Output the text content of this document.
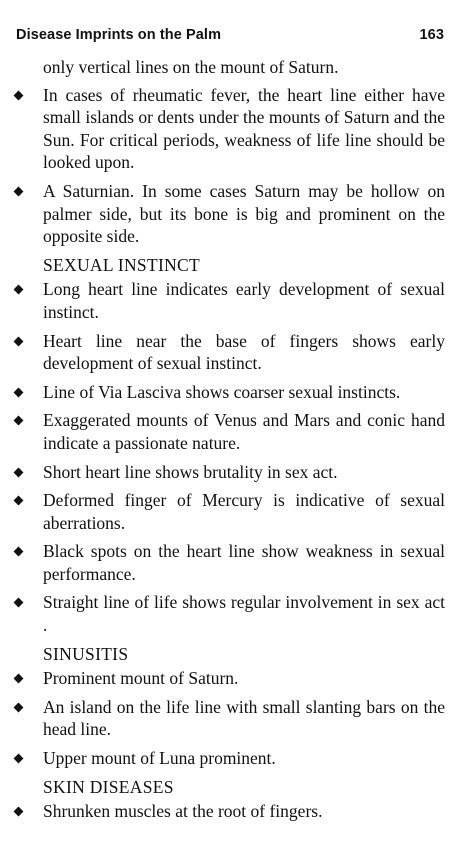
Disease Imprints on the Palm	163
only vertical lines on the mount of Saturn.
In cases of rheumatic fever, the heart line either have small islands or dents under the mounts of Saturn and the Sun. For critical periods, weakness of life line should be looked upon.
A Saturnian. In some cases Saturn may be hollow on palmer side, but its bone is big and prominent on the opposite side.
SEXUAL INSTINCT
Long heart line indicates early development of sexual instinct.
Heart line near the base of fingers shows early development of sexual instinct.
Line of Via Lasciva shows coarser sexual instincts.
Exaggerated mounts of Venus and Mars and conic hand indicate a passionate nature.
Short heart line shows brutality in sex act.
Deformed finger of Mercury is indicative of sexual aberrations.
Black spots on the heart line show weakness in sexual performance.
Straight line of life shows regular involvement in sex act .
SINUSITIS
Prominent mount of Saturn.
An island on the life line with small slanting bars on the head line.
Upper mount of Luna prominent.
SKIN DISEASES
Shrunken muscles at the root of fingers.
